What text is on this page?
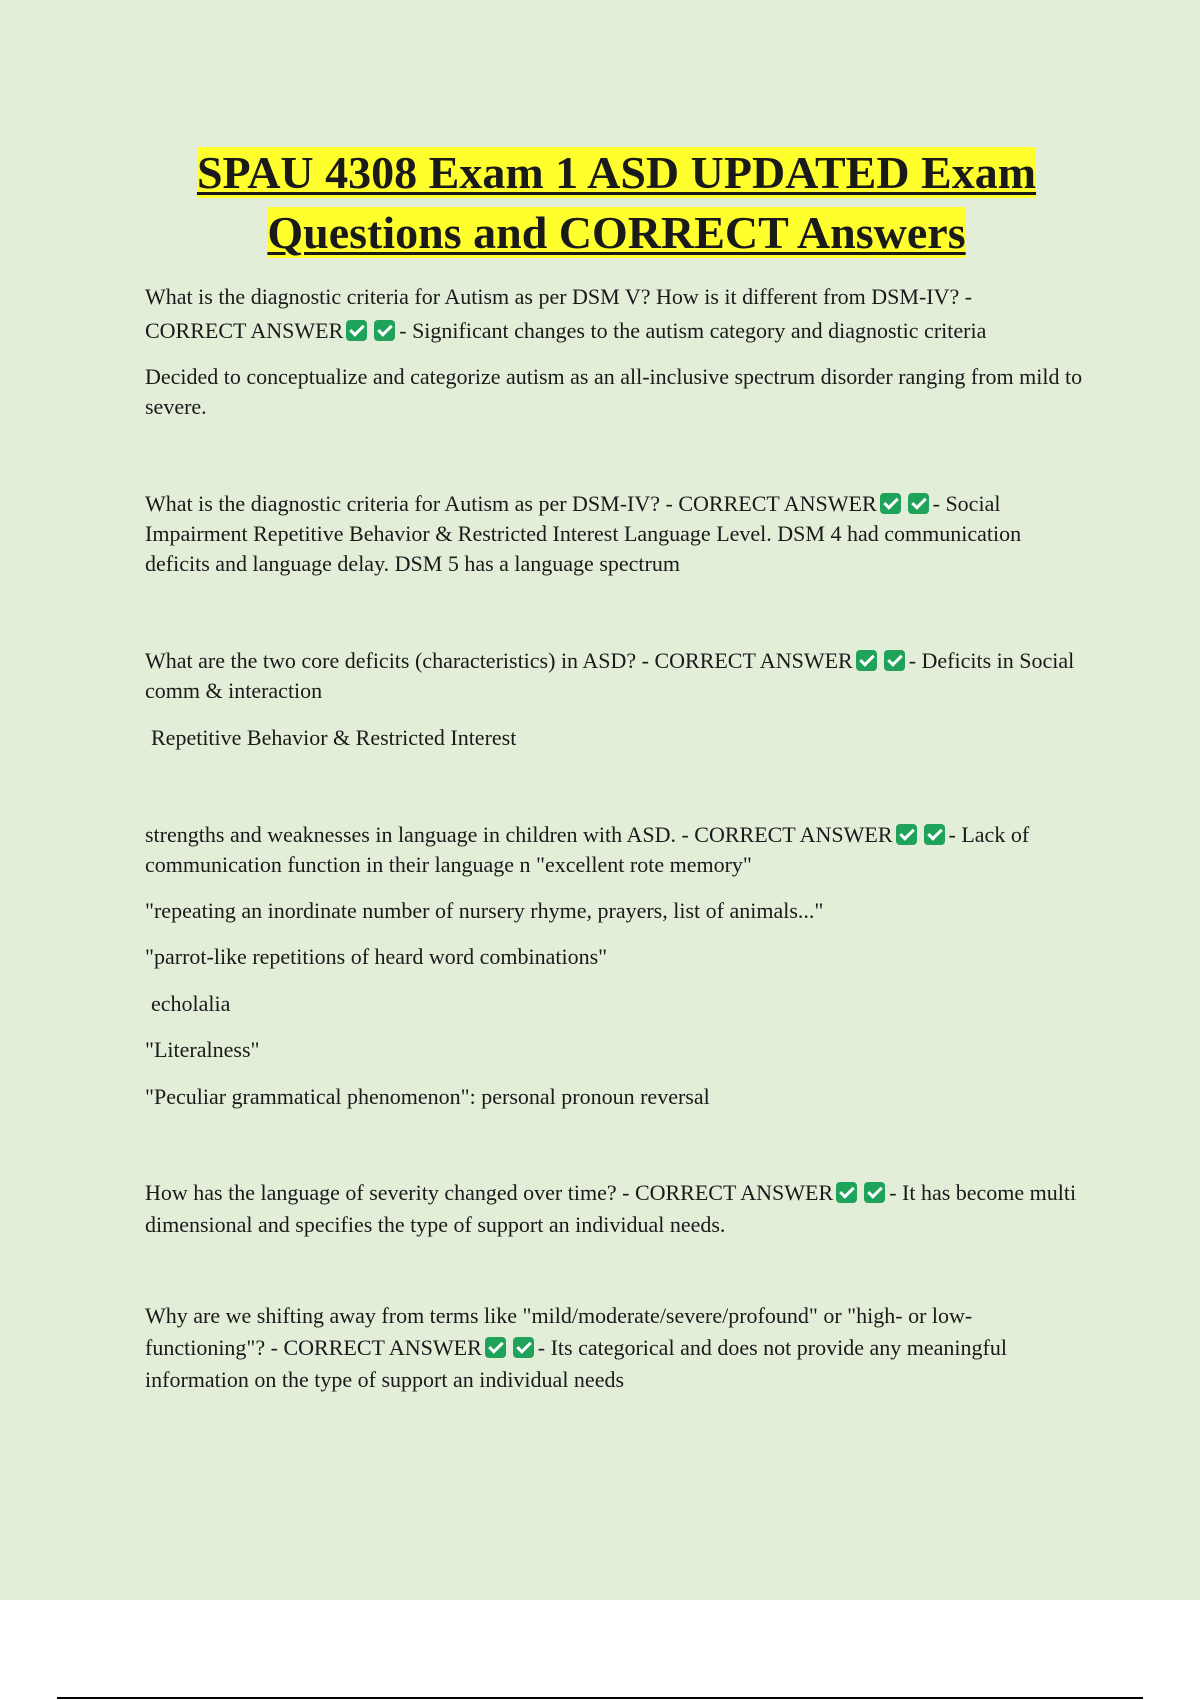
SPAU 4308 Exam 1 ASD UPDATED Exam
Questions and CORRECT Answers

What is the diagnostic criteria for Autism as per DSM V? How is it different from DSM-IV? -
CORRECT ANSWER	- Significant changes to the autism category and diagnostic criteria

Decided to conceptualize and categorize autism as an all-inclusive spectrum disorder ranging from mild to severe.

What is the diagnostic criteria for Autism as per DSM-IV? - CORRECT ANSWER	- Social Impairment Repetitive Behavior & Restricted Interest Language Level. DSM 4 had communication deficits and language delay. DSM 5 has a language spectrum

What are the two core deficits (characteristics) in ASD? - CORRECT ANSWER	- Deficits in Social comm & interaction

Repetitive Behavior & Restricted Interest

strengths and weaknesses in language in children with ASD. - CORRECT ANSWER	- Lack of communication function in their language n "excellent rote memory"

"repeating an inordinate number of nursery rhyme, prayers, list of animals..."

"parrot-like repetitions of heard word combinations"

echolalia

"Literalness"

"Peculiar grammatical phenomenon": personal pronoun reversal

How has the language of severity changed over time? - CORRECT ANSWER	- It has become multi dimensional and specifies the type of support an individual needs.

Why are we shifting away from terms like "mild/moderate/severe/profound" or "high- or low-functioning"? - CORRECT ANSWER	- Its categorical and does not provide any meaningful information on the type of support an individual needs
